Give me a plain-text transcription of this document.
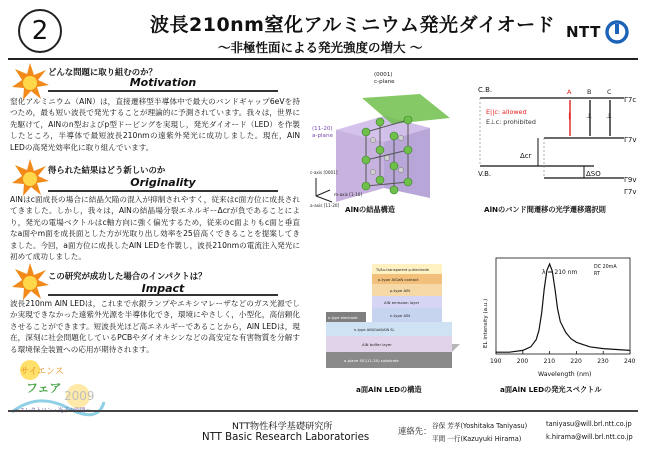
2	波長210nm窒化アルミニウム発光ダイオード
～非極性面による発光強度の増大 ～
NTT
どんな問題に取り組むのか？
Motivation
窒化アルミニウム（AlN）は，直接遷移型半導体中で最大のバンドギャップ6eVを持つため，最も短い波長で発光することが理論的に予測されています。我々は，世界に先駆けて，AlNのn型およびp型ドーピングを実現し，発光ダイオード（LED）を作製したところ，半導体で最短波長210nmの遠紫外発光に成功しました。現在，AlN LEDの高発光効率化に取り組んでいます。
得られた結果はどう新しいのか
Originality
AlNはc面成長の場合に結晶欠陥の混入が抑制されやすく，従来はc面方位に成長されてきました。しかし，我々は，AlNの結晶場分裂エネルギーΔcrが負であることにより，発光の電場ベクトルはc軸方向に強く偏光するため，従来のc面よりもc面と垂直なa面やm面を成長面とした方が光取り出し効率を25倍高くできることを提案してきました。今回，a面方位に成長したAlN LEDを作製し，波長210nmの電流注入発光に初めて成功しました。
この研究が成功した場合のインパクトは？
Impact
波長210nm AlN LEDは，これまで水銀ランプやエキシマレーザなどのガス光源でしか実現できなかった遠紫外光源を半導体化でき，環境にやさしく，小型化，高信頼化させることができます。短波長光ほど高エネルギーであることから，AlN LEDは，現在，深刻に社会問題化しているPCBやダイオキシンなどの高安定な有害物質を分解する環境保全装置への応用が期待されます。
サイエンス
フェア
2009
(0001)
c-plane
(11-20)
a-plane
c-axis [0001]
a-axis [11-20]
m-axis [1-10]
AlNの結晶構造
C.B.
V.B.
Γ7c
Γ7v
Γ9v
Γ7v
Δcr
ΔSO
E||c: allowed
E⊥c: prohibited
A B C
∥ ⊥ ⊥
AlNのバンド間遷移の光学遷移選択則
Ti/Au-transparent p-electrode
p-type AlGaN contact
p-type AlN
AlN emission layer
n-type AlN
n-type electrode
n-type AlN/GaN/AlN SL
AlN buffer layer
a-plane SiC(11-20) substrate
a面AlN LEDの構造
190	200	210	220	230	240
λ = 210 nm
DC 20mA
RT
Wavelength (nm)
EL intensity (a.u.)
a面AlN LEDの発光スペクトル
NTT物性科学基礎研究所
NTT Basic Research Laboratories
連絡先： 谷保 芳孝(Yoshitaka Taniyasu)	taniyasu@will.brl.ntt.co.jp
平間 一行(Kazuyuki Hirama)	k.hirama@will.brl.ntt.co.jp
